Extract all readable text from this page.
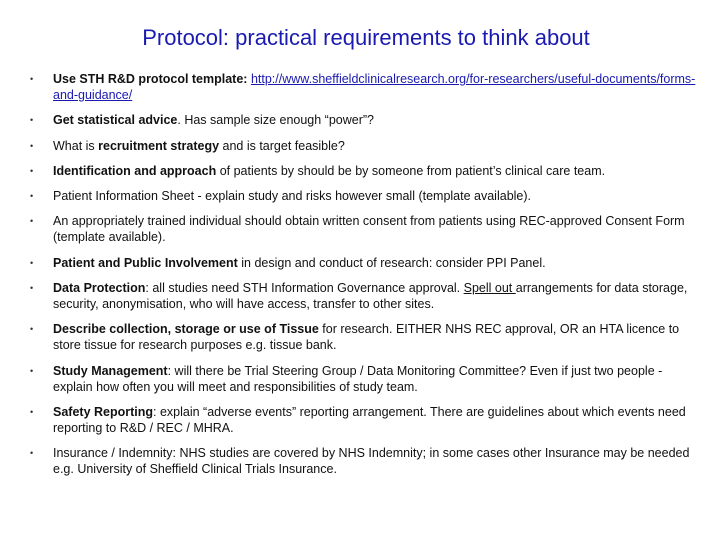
Protocol: practical requirements to think about
• Use STH R&D protocol template: http://www.sheffieldclinicalresearch.org/for-researchers/useful-documents/forms-and-guidance/
• Get statistical advice. Has sample size enough “power”?
• What is recruitment strategy and is target feasible?
• Identification and approach of patients by should be by someone from patient’s clinical care team.
• Patient Information Sheet - explain study and risks however small (template available).
• An appropriately trained individual should obtain written consent from patients using REC-approved Consent Form (template available).
• Patient and Public Involvement in design and conduct of research: consider PPI Panel.
• Data Protection: all studies need STH Information Governance approval. Spell out arrangements for data storage, security, anonymisation, who will have access, transfer to other sites.
• Describe collection, storage or use of Tissue for research. EITHER NHS REC approval, OR an HTA licence to store tissue for research purposes e.g. tissue bank.
• Study Management: will there be Trial Steering Group / Data Monitoring Committee? Even if just two people - explain how often you will meet and responsibilities of study team.
• Safety Reporting: explain “adverse events” reporting arrangement. There are guidelines about which events need reporting to R&D / REC / MHRA.
• Insurance / Indemnity: NHS studies are covered by NHS Indemnity; in some cases other Insurance may be needed e.g. University of Sheffield Clinical Trials Insurance.
